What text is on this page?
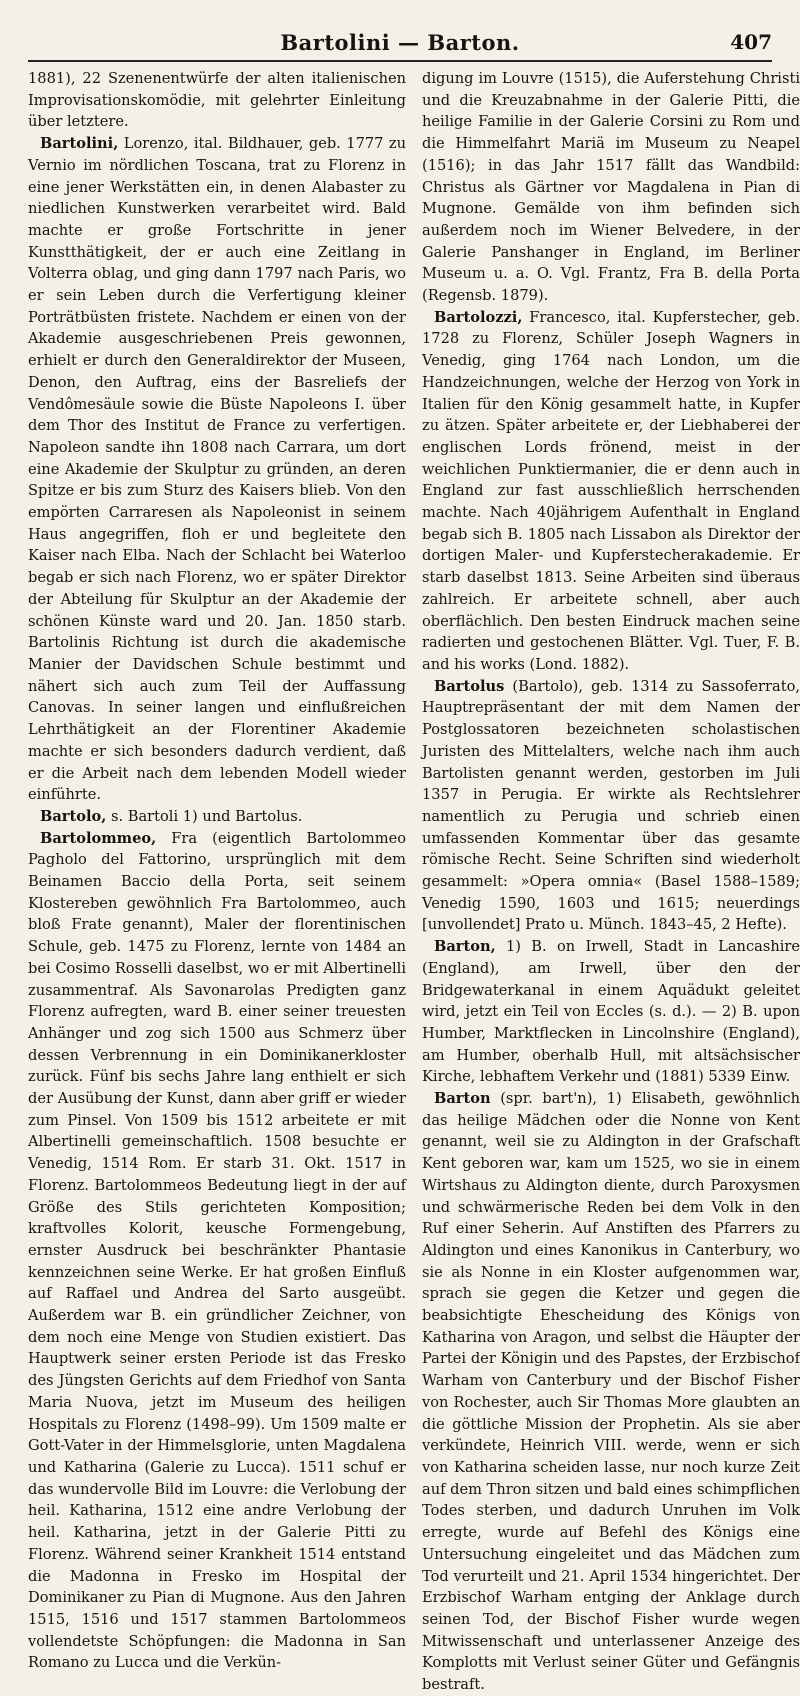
Bartolini — Barton.	407

1881), 22 Szenenentwürfe der alten italienischen Improvisationskomödie, mit gelehrter Einleitung über letztere.

Bartolini, Lorenzo, ital. Bildhauer, geb. 1777 zu Vernio im nördlichen Toscana, trat zu Florenz in eine jener Werkstätten ein, in denen Alabaster zu niedlichen Kunstwerken verarbeitet wird. Bald machte er große Fortschritte in jener Kunstthätigkeit, der er auch eine Zeitlang in Volterra oblag, und ging dann 1797 nach Paris, wo er sein Leben durch die Verfertigung kleiner Porträtbüsten fristete. Nachdem er einen von der Akademie ausgeschriebenen Preis gewonnen, erhielt er durch den Generaldirektor der Museen, Denon, den Auftrag, eins der Basreliefs der Vendômesäule sowie die Büste Napoleons I. über dem Thor des Institut de France zu verfertigen. Napoleon sandte ihn 1808 nach Carrara, um dort eine Akademie der Skulptur zu gründen, an deren Spitze er bis zum Sturz des Kaisers blieb. Von den empörten Carraresen als Napoleonist in seinem Haus angegriffen, floh er und begleitete den Kaiser nach Elba. Nach der Schlacht bei Waterloo begab er sich nach Florenz, wo er später Direktor der Abteilung für Skulptur an der Akademie der schönen Künste ward und 20. Jan. 1850 starb. Bartolinis Richtung ist durch die akademische Manier der Davidschen Schule bestimmt und nähert sich auch zum Teil der Auffassung Canovas. In seiner langen und einflußreichen Lehrthätigkeit an der Florentiner Akademie machte er sich besonders dadurch verdient, daß er die Arbeit nach dem lebenden Modell wieder einführte.

Bartolo, s. Bartoli 1) und Bartolus.

Bartolommeo, Fra (eigentlich Bartolommeo Pagholo del Fattorino, ursprünglich mit dem Beinamen Baccio della Porta, seit seinem Klostereben gewöhnlich Fra Bartolommeo, auch bloß Frate genannt), Maler der florentinischen Schule, geb. 1475 zu Florenz, lernte von 1484 an bei Cosimo Rosselli daselbst, wo er mit Albertinelli zusammentraf. Als Savonarolas Predigten ganz Florenz aufregten, ward B. einer seiner treuesten Anhänger und zog sich 1500 aus Schmerz über dessen Verbrennung in ein Dominikanerkloster zurück. Fünf bis sechs Jahre lang enthielt er sich der Ausübung der Kunst, dann aber griff er wieder zum Pinsel. Von 1509 bis 1512 arbeitete er mit Albertinelli gemeinschaftlich. 1508 besuchte er Venedig, 1514 Rom. Er starb 31. Okt. 1517 in Florenz. Bartolommeos Bedeutung liegt in der auf Größe des Stils gerichteten Komposition; kraftvolles Kolorit, keusche Formengebung, ernster Ausdruck bei beschränkter Phantasie kennzeichnen seine Werke. Er hat großen Einfluß auf Raffael und Andrea del Sarto ausgeübt. Außerdem war B. ein gründlicher Zeichner, von dem noch eine Menge von Studien existiert. Das Hauptwerk seiner ersten Periode ist das Fresko des Jüngsten Gerichts auf dem Friedhof von Santa Maria Nuova, jetzt im Museum des heiligen Hospitals zu Florenz (1498–99). Um 1509 malte er Gott-Vater in der Himmelsglorie, unten Magdalena und Katharina (Galerie zu Lucca). 1511 schuf er das wundervolle Bild im Louvre: die Verlobung der heil. Katharina, 1512 eine andre Verlobung der heil. Katharina, jetzt in der Galerie Pitti zu Florenz. Während seiner Krankheit 1514 entstand die Madonna in Fresko im Hospital der Dominikaner zu Pian di Mugnone. Aus den Jahren 1515, 1516 und 1517 stammen Bartolommeos vollendetste Schöpfungen: die Madonna in San Romano zu Lucca und die Verkün-

digung im Louvre (1515), die Auferstehung Christi und die Kreuzabnahme in der Galerie Pitti, die heilige Familie in der Galerie Corsini zu Rom und die Himmelfahrt Mariä im Museum zu Neapel (1516); in das Jahr 1517 fällt das Wandbild: Christus als Gärtner vor Magdalena in Pian di Mugnone. Gemälde von ihm befinden sich außerdem noch im Wiener Belvedere, in der Galerie Panshanger in England, im Berliner Museum u. a. O. Vgl. Frantz, Fra B. della Porta (Regensb. 1879).

Bartolozzi, Francesco, ital. Kupferstecher, geb. 1728 zu Florenz, Schüler Joseph Wagners in Venedig, ging 1764 nach London, um die Handzeichnungen, welche der Herzog von York in Italien für den König gesammelt hatte, in Kupfer zu ätzen. Später arbeitete er, der Liebhaberei der englischen Lords frönend, meist in der weichlichen Punktiermanier, die er denn auch in England zur fast ausschließlich herrschenden machte. Nach 40jährigem Aufenthalt in England begab sich B. 1805 nach Lissabon als Direktor der dortigen Maler- und Kupferstecherakademie. Er starb daselbst 1813. Seine Arbeiten sind überaus zahlreich. Er arbeitete schnell, aber auch oberflächlich. Den besten Eindruck machen seine radierten und gestochenen Blätter. Vgl. Tuer, F. B. and his works (Lond. 1882).

Bartolus (Bartolo), geb. 1314 zu Sassoferrato, Hauptrepräsentant der mit dem Namen der Postglossatoren bezeichneten scholastischen Juristen des Mittelalters, welche nach ihm auch Bartolisten genannt werden, gestorben im Juli 1357 in Perugia. Er wirkte als Rechtslehrer namentlich zu Perugia und schrieb einen umfassenden Kommentar über das gesamte römische Recht. Seine Schriften sind wiederholt gesammelt: »Opera omnia« (Basel 1588–1589; Venedig 1590, 1603 und 1615; neuerdings [unvollendet] Prato u. Münch. 1843–45, 2 Hefte).

Barton, 1) B. on Irwell, Stadt in Lancashire (England), am Irwell, über den der Bridgewaterkanal in einem Aquädukt geleitet wird, jetzt ein Teil von Eccles (s. d.). — 2) B. upon Humber, Marktflecken in Lincolnshire (England), am Humber, oberhalb Hull, mit altsächsischer Kirche, lebhaftem Verkehr und (1881) 5339 Einw.

Barton (spr. bart'n), 1) Elisabeth, gewöhnlich das heilige Mädchen oder die Nonne von Kent genannt, weil sie zu Aldington in der Grafschaft Kent geboren war, kam um 1525, wo sie in einem Wirtshaus zu Aldington diente, durch Paroxysmen und schwärmerische Reden bei dem Volk in den Ruf einer Seherin. Auf Anstiften des Pfarrers zu Aldington und eines Kanonikus in Canterbury, wo sie als Nonne in ein Kloster aufgenommen war, sprach sie gegen die Ketzer und gegen die beabsichtigte Ehescheidung des Königs von Katharina von Aragon, und selbst die Häupter der Partei der Königin und des Papstes, der Erzbischof Warham von Canterbury und der Bischof Fisher von Rochester, auch Sir Thomas More glaubten an die göttliche Mission der Prophetin. Als sie aber verkündete, Heinrich VIII. werde, wenn er sich von Katharina scheiden lasse, nur noch kurze Zeit auf dem Thron sitzen und bald eines schimpflichen Todes sterben, und dadurch Unruhen im Volk erregte, wurde auf Befehl des Königs eine Untersuchung eingeleitet und das Mädchen zum Tod verurteilt und 21. April 1534 hingerichtet. Der Erzbischof Warham entging der Anklage durch seinen Tod, der Bischof Fisher wurde wegen Mitwissenschaft und unterlassener Anzeige des Komplotts mit Verlust seiner Güter und Gefängnis bestraft.
